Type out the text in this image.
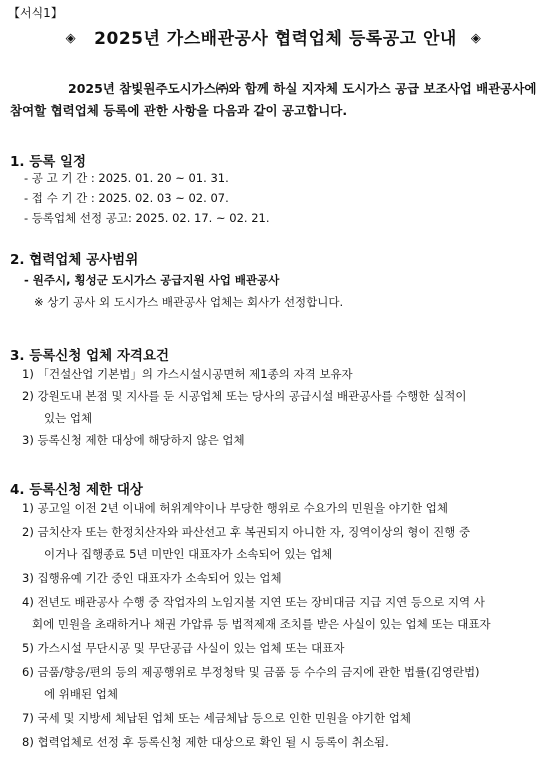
【서식1】
◈ 2025년 가스배관공사 협력업체 등록공고 안내 ◈
2025년 참빛원주도시가스㈜와 함께 하실 지자체 도시가스 공급 보조사업 배관공사에 참여할 협력업체 등록에 관한 사항을 다음과 같이 공고합니다.
1. 등록 일정
- 공 고 기 간 : 2025. 01. 20 ~ 01. 31.
- 접 수 기 간 : 2025. 02. 03 ~ 02. 07.
- 등록업체 선정 공고: 2025. 02. 17. ~ 02. 21.
2. 협력업체 공사범위
- 원주시, 횡성군 도시가스 공급지원 사업 배관공사
※ 상기 공사 외 도시가스 배관공사 업체는 회사가 선정합니다.
3. 등록신청 업체 자격요건
1) 「건설산업 기본법」의 가스시설시공면허 제1종의 자격 보유자
2) 강원도내 본점 및 지사를 둔 시공업체 또는 당사의 공급시설 배관공사를 수행한 실적이
있는 업체
3) 등록신청 제한 대상에 해당하지 않은 업체
4. 등록신청 제한 대상
1) 공고일 이전 2년 이내에 허위계약이나 부당한 행위로 수요가의 민원을 야기한 업체
2) 금치산자 또는 한정치산자와 파산선고 후 복권되지 아니한 자, 징역이상의 형이 진행 중
이거나 집행종료 5년 미만인 대표자가 소속되어 있는 업체
3) 집행유예 기간 중인 대표자가 소속되어 있는 업체
4) 전년도 배관공사 수행 중 작업자의 노임지불 지연 또는 장비대금 지급 지연 등으로 지역 사
회에 민원을 초래하거나 채권 가압류 등 법적제재 조치를 받은 사실이 있는 업체 또는 대표자
5) 가스시설 무단시공 및 무단공급 사실이 있는 업체 또는 대표자
6) 금품/향응/편의 등의 제공행위로 부정청탁 및 금품 등 수수의 금지에 관한 법률(김영란법)
에 위배된 업체
7) 국세 및 지방세 체납된 업체 또는 세금체납 등으로 인한 민원을 야기한 업체
8) 협력업체로 선정 후 등록신청 제한 대상으로 확인 될 시 등록이 취소됨.
